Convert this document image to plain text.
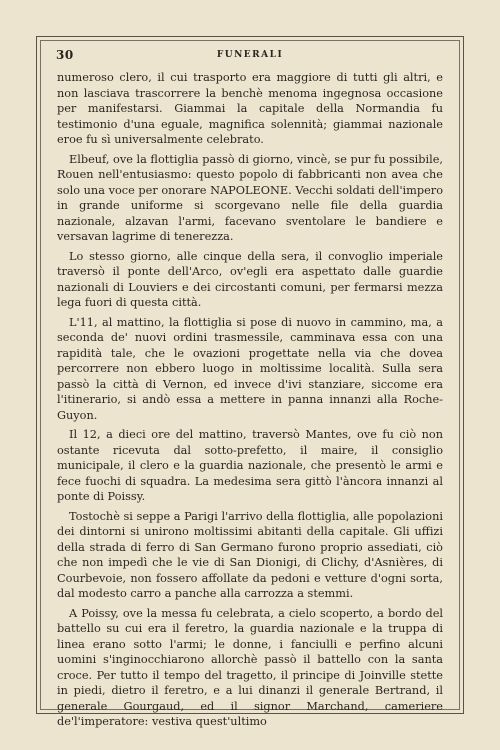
30	FUNERALI

numeroso clero, il cui trasporto era maggiore di tutti gli altri, e non lasciava trascorrere la benchè menoma ingegnosa occasione per manifestarsi. Giammai la capitale della Normandia fu testimonio d'una eguale, magnifica solennità; giammai nazionale eroe fu sì universalmente celebrato.

Elbeuf, ove la flottiglia passò di giorno, vincè, se pur fu possibile, Rouen nell'entusiasmo: questo popolo di fabbricanti non avea che solo una voce per onorare NAPOLEONE. Vecchi soldati dell'impero in grande uniforme si scorgevano nelle file della guardia nazionale, alzavan l'armi, facevano sventolare le bandiere e versavan lagrime di tenerezza.

Lo stesso giorno, alle cinque della sera, il convoglio imperiale traversò il ponte dell'Arco, ov'egli era aspettato dalle guardie nazionali di Louviers e dei circostanti comuni, per fermarsi mezza lega fuori di questa città.

L'11, al mattino, la flottiglia si pose di nuovo in cammino, ma, a seconda de' nuovi ordini trasmessile, camminava essa con una rapidità tale, che le ovazioni progettate nella via che dovea percorrere non ebbero luogo in moltissime località. Sulla sera passò la città di Vernon, ed invece d'ivi stanziare, siccome era l'itinerario, si andò essa a mettere in panna innanzi alla Roche-Guyon.

Il 12, a dieci ore del mattino, traversò Mantes, ove fu ciò non ostante ricevuta dal sotto-prefetto, il maire, il consiglio municipale, il clero e la guardia nazionale, che presentò le armi e fece fuochi di squadra. La medesima sera gittò l'àncora innanzi al ponte di Poissy.

Tostochè si seppe a Parigi l'arrivo della flottiglia, alle popolazioni dei dintorni si unirono moltissimi abitanti della capitale. Gli uffizi della strada di ferro di San Germano furono proprio assediati, ciò che non impedì che le vie di San Dionigi, di Clichy, d'Asnières, di Courbevoie, non fossero affollate da pedoni e vetture d'ogni sorta, dal modesto carro a panche alla carrozza a stemmi.

A Poissy, ove la messa fu celebrata, a cielo scoperto, a bordo del battello su cui era il feretro, la guardia nazionale e la truppa di linea erano sotto l'armi; le donne, i fanciulli e perfino alcuni uomini s'inginocchiarono allorchè passò il battello con la santa croce. Per tutto il tempo del tragetto, il principe di Joinville stette in piedi, dietro il feretro, e a lui dinanzi il generale Bertrand, il generale Gourgaud, ed il signor Marchand, cameriere de'l'imperatore: vestiva quest'ultimo
